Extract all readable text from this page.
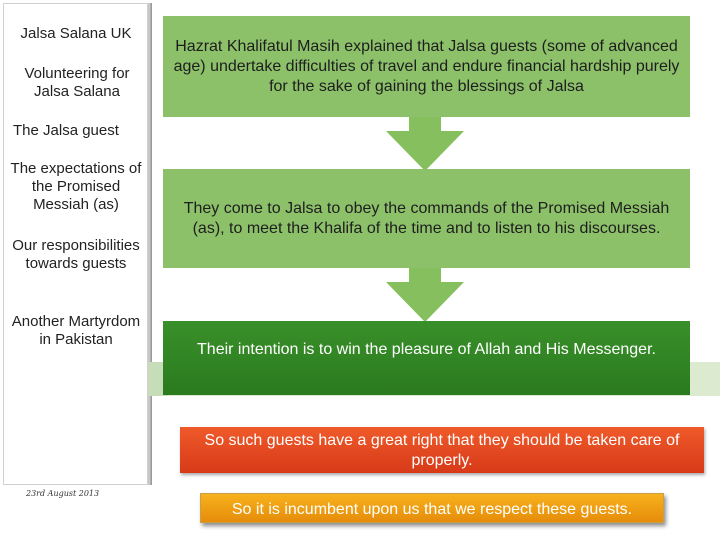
Jalsa Salana UK
Volunteering for Jalsa Salana
The Jalsa guest
The expectations of the Promised Messiah (as)
Our responsibilities towards guests
Another Martyrdom in Pakistan
23rd August 2013
Hazrat Khalifatul Masih explained that Jalsa guests (some of advanced age) undertake difficulties of travel and endure financial hardship purely for the sake of gaining the blessings of Jalsa
They come to Jalsa to obey the commands of the Promised Messiah (as), to meet the Khalifa of the time and to listen to his discourses.
Their intention is to win the pleasure of Allah and His Messenger.
So such guests have a great right that they should be taken care of properly.
So it is incumbent upon us that we respect these guests.
